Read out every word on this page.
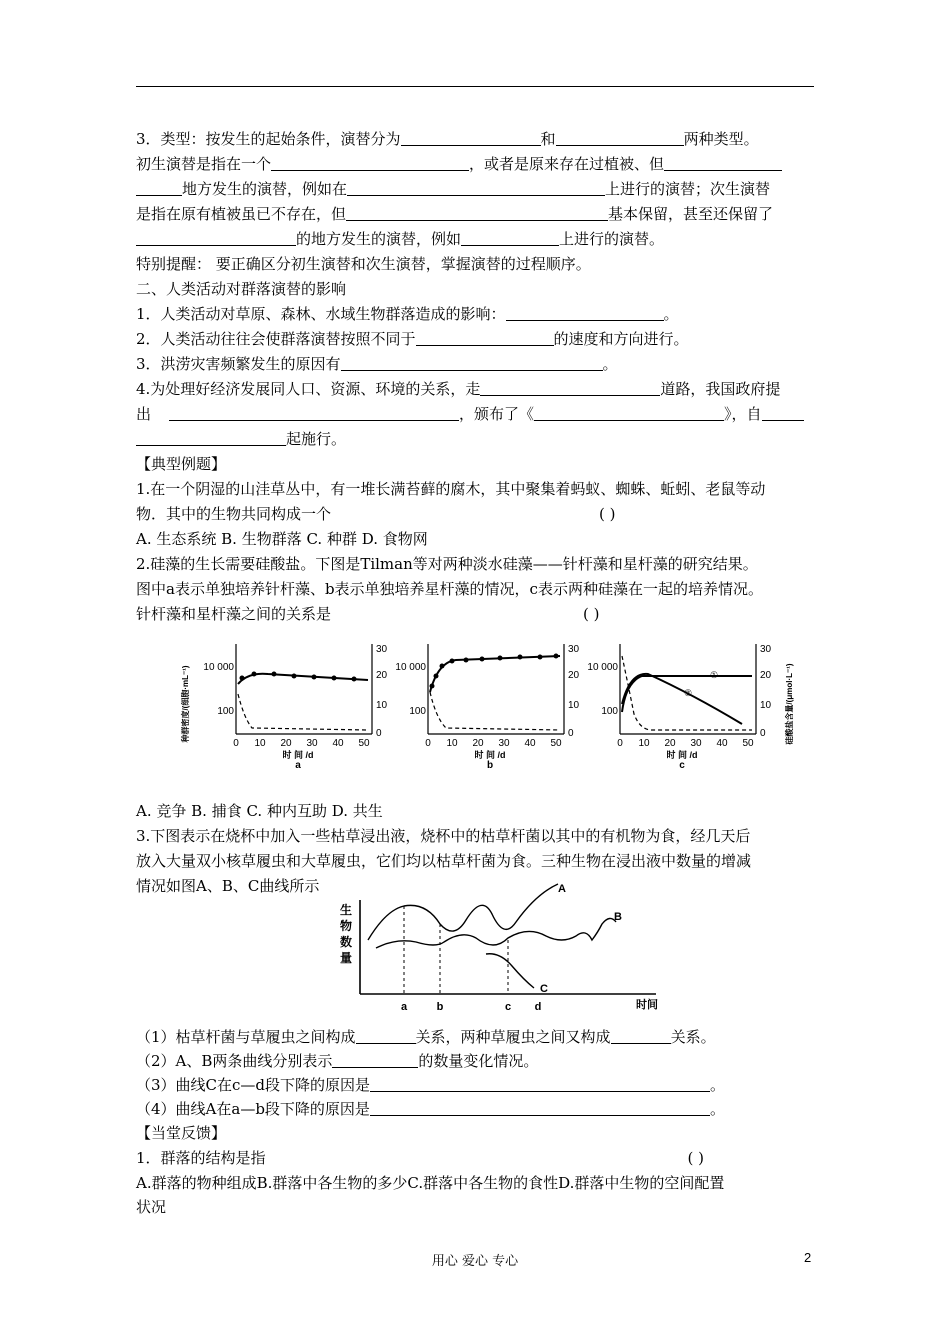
3．类型：按发生的起始条件，演替分为	和	两种类型。
初生演替是指在一个	，或者是原来存在过植被、但
地方发生的演替，例如在	上进行的演替；次生演替
是指在原有植被虽已不存在，但	基本保留，甚至还保留了
的地方发生的演替，例如	上进行的演替。
特别提醒： 要正确区分初生演替和次生演替，掌握演替的过程顺序。
二、人类活动对群落演替的影响
1．人类活动对草原、森林、水域生物群落造成的影响：	。
2．人类活动往往会使群落演替按照不同于	的速度和方向进行。
3．洪涝灾害频繁发生的原因有	。
4.为处理好经济发展同人口、资源、环境的关系，走	道路，我国政府提
出	，颁布了《	》，自
起施行。
【典型例题】
1.在一个阴湿的山洼草丛中，有一堆长满苔藓的腐木，其中聚集着蚂蚁、蜘蛛、蚯蚓、老鼠等动
物．其中的生物共同构成一个	( )
A. 生态系统 B. 生物群落 C. 种群 D. 食物网
2.硅藻的生长需要硅酸盐。下图是Tilman等对两种淡水硅藻——针杆藻和星杆藻的研究结果。
图中a表示单独培养针杆藻、b表示单独培养星杆藻的情况，c表示两种硅藻在一起的培养情况。
针杆藻和星杆藻之间的关系是	( )
种群密度/(细胞·mL⁻¹)	硅酸盐含量/(μmol·L⁻¹)
10 000
100
30
20
10
0
0 10 20 30 40 50
时 间 /d
a
10 000
100
30
20
10
0
0 10 20 30 40 50
时 间 /d
b
10 000
100
30
20
10
0
0 10 20 30 40 50
时 间 /d
c
①
②
A. 竞争 B. 捕食 C. 种内互助 D. 共生
3.下图表示在烧杯中加入一些枯草浸出液，烧杯中的枯草杆菌以其中的有机物为食，经几天后
放入大量双小核草履虫和大草履虫，它们均以枯草杆菌为食。三种生物在浸出液中数量的增减
情况如图A、B、C曲线所示
生
物
数
量
时间
a	b	c d
A
B
C
（1）枯草杆菌与草履虫之间构成	关系，两种草履虫之间又构成	关系。
（2）A、B两条曲线分别表示	的数量变化情况。
（3）曲线C在c—d段下降的原因是	。
（4）曲线A在a—b段下降的原因是	。
【当堂反馈】
1．群落的结构是指	( )
A.群落的物种组成B.群落中各生物的多少C.群落中各生物的食性D.群落中生物的空间配置
状况
用心 爱心 专心	2
